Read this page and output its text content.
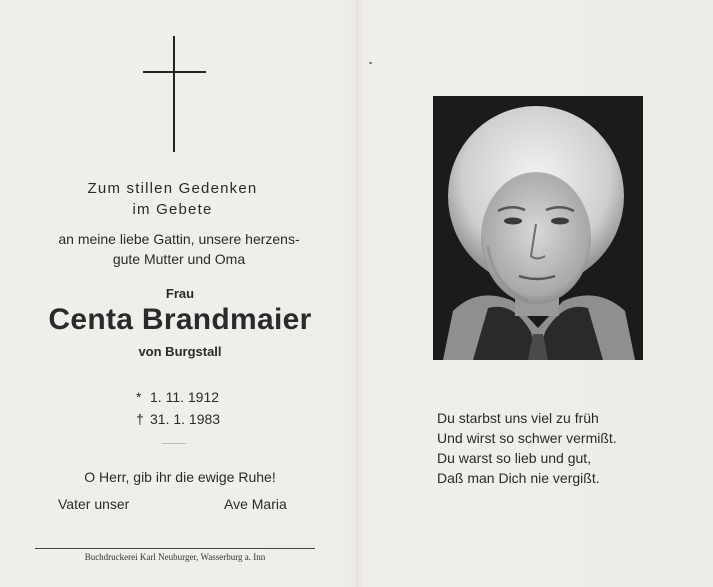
Zum stillen Gedenken
im Gebete
an meine liebe Gattin, unsere herzens-
gute Mutter und Oma
Frau
Centa Brandmaier
von Burgstall
* 1. 11. 1912
† 31. 1. 1983
O Herr, gib ihr die ewige Ruhe!
Vater unser	Ave Maria
Buchdruckerei Karl Neuburger, Wasserburg a. Inn
Du starbst uns viel zu früh
Und wirst so schwer vermißt.
Du warst so lieb und gut,
Daß man Dich nie vergißt.
